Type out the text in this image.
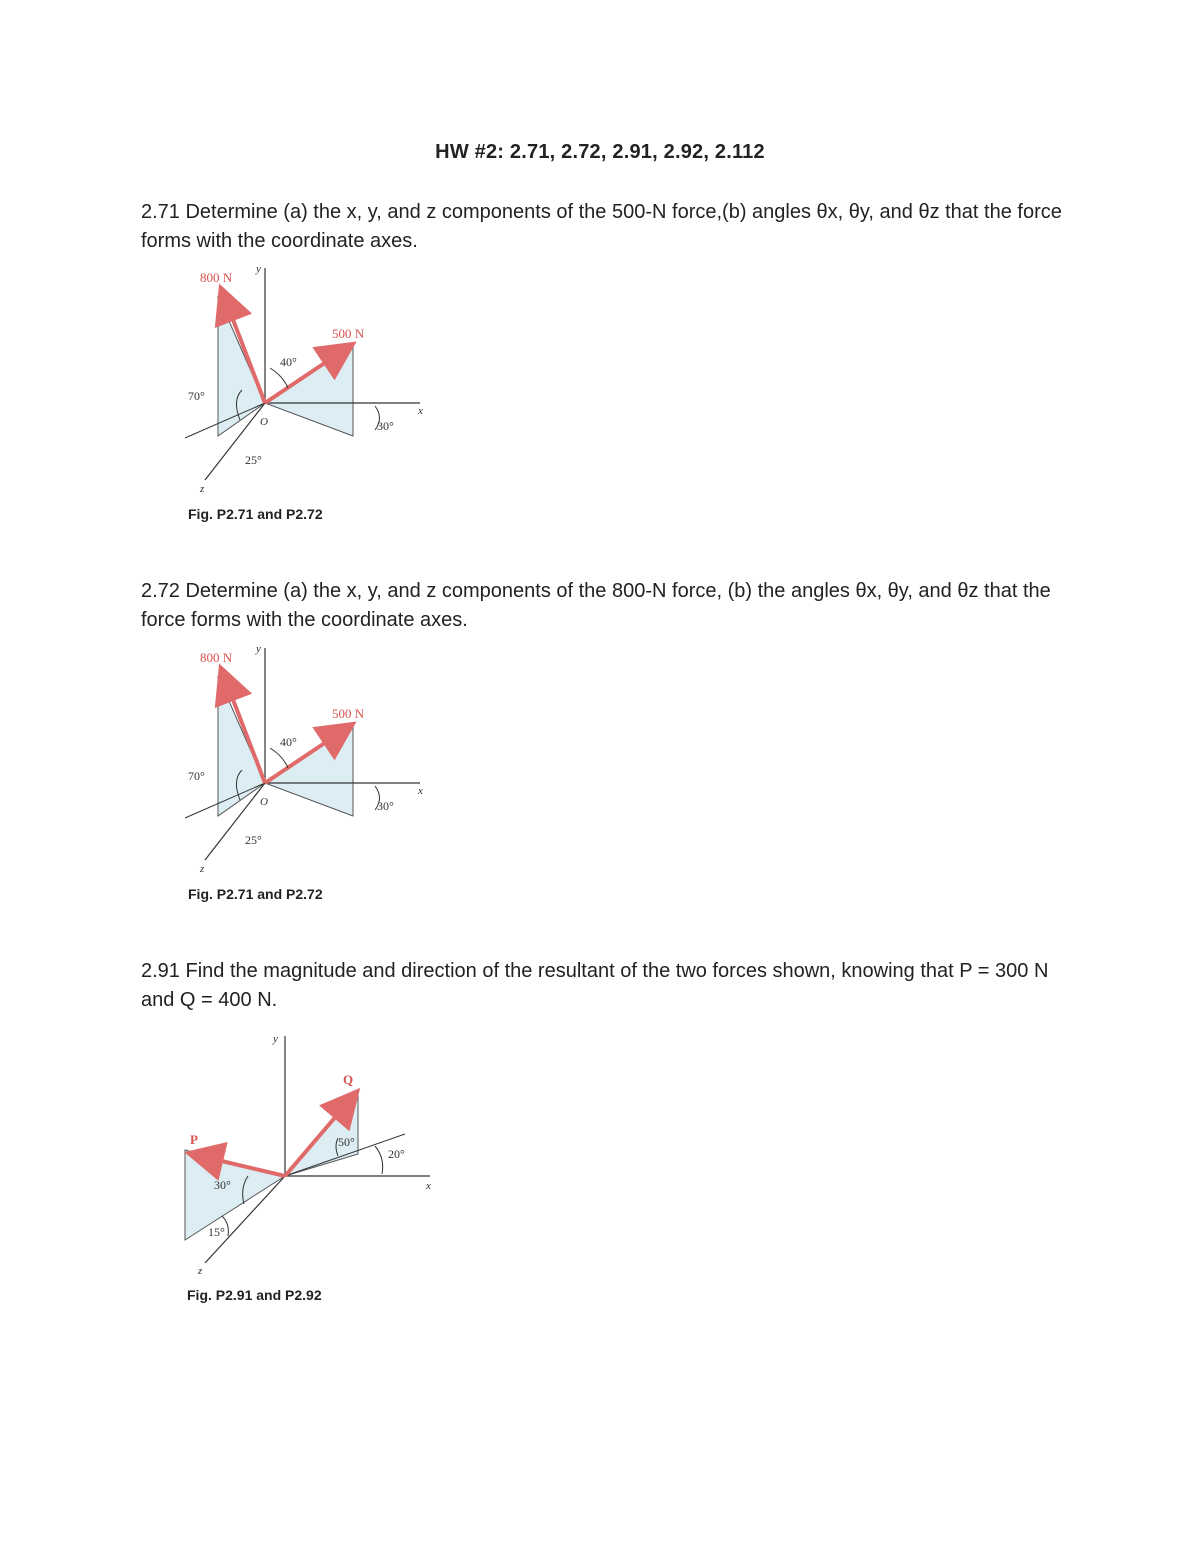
HW #2: 2.71, 2.72, 2.91, 2.92, 2.112
2.71 Determine (a) the x, y, and z components of the 500-N force,(b) angles θx, θy, and θz that the force forms with the coordinate axes.
800 N
500 N
y
x
z
O
40°
70°
25°
30°
Fig. P2.71 and P2.72
2.72 Determine (a) the x, y, and z components of the 800-N force, (b) the angles θx, θy, and θz that the force forms with the coordinate axes.
800 N
500 N
y
x
z
O
40°
70°
25°
30°
Fig. P2.71 and P2.72
2.91 Find the magnitude and direction of the resultant of the two forces shown, knowing that P = 300 N and Q = 400 N.
P
Q
y
x
z
50°
20°
30°
15°
Fig. P2.91 and P2.92
